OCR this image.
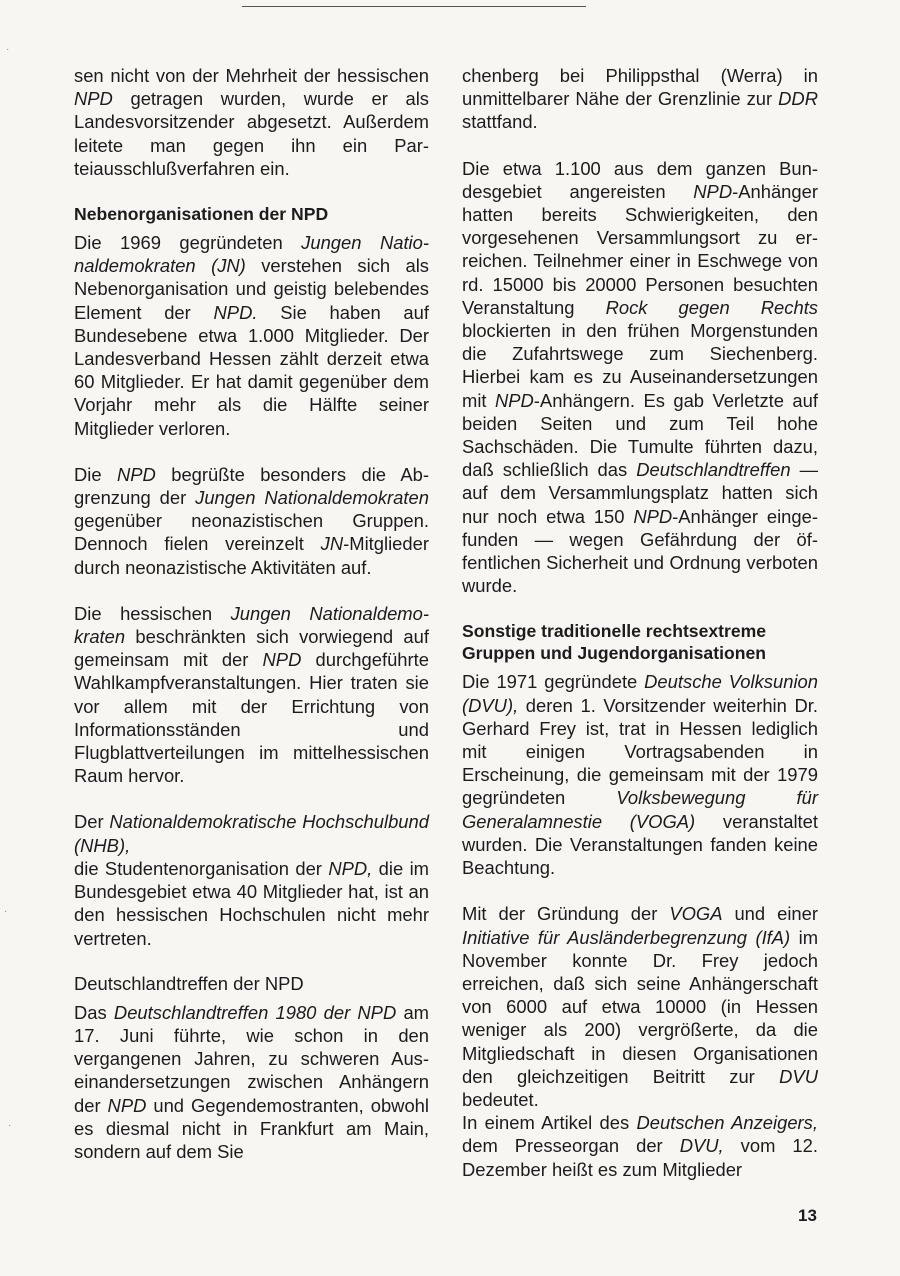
·
·
·

sen nicht von der Mehrheit der hessischen NPD getragen wurden, wurde er als Landesvorsitzender abgesetzt. Außerdem leitete man gegen ihn ein Parteiausschlußverfahren ein.

Nebenorganisationen der NPD

Die 1969 gegründeten Jungen Nationaldemokraten (JN) verstehen sich als Nebenorganisation und geistig belebendes Element der NPD. Sie haben auf Bundesebene etwa 1.000 Mitglieder. Der Landesverband Hessen zählt derzeit etwa 60 Mitglieder. Er hat damit gegenüber dem Vorjahr mehr als die Hälfte seiner Mitglieder verloren.

Die NPD begrüßte besonders die Abgrenzung der Jungen Nationaldemokraten gegenüber neonazistischen Gruppen. Dennoch fielen vereinzelt JN-Mitglieder durch neonazistische Aktivitäten auf.

Die hessischen Jungen Nationaldemokraten beschränkten sich vorwiegend auf gemeinsam mit der NPD durchgeführte Wahlkampfveranstaltungen. Hier traten sie vor allem mit der Errichtung von Informationsständen und Flugblattverteilungen im mittelhessischen Raum hervor.

Der Nationaldemokratische Hochschulbund (NHB),
die Studentenorganisation der NPD, die im Bundesgebiet etwa 40 Mitglieder hat, ist an den hessischen Hochschulen nicht mehr vertreten.

Deutschlandtreffen der NPD

Das Deutschlandtreffen 1980 der NPD am 17. Juni führte, wie schon in den vergangenen Jahren, zu schweren Auseinandersetzungen zwischen Anhängern der NPD und Gegendemostranten, obwohl es diesmal nicht in Frankfurt am Main, sondern auf dem Sie

chenberg bei Philippsthal (Werra) in unmittelbarer Nähe der Grenzlinie zur DDR stattfand.

Die etwa 1.100 aus dem ganzen Bundesgebiet angereisten NPD-Anhänger hatten bereits Schwierigkeiten, den vorgesehenen Versammlungsort zu erreichen. Teilnehmer einer in Eschwege von rd. 15000 bis 20000 Personen besuchten Veranstaltung Rock gegen Rechts blockierten in den frühen Morgenstunden die Zufahrtswege zum Siechenberg. Hierbei kam es zu Auseinandersetzungen mit NPD-Anhängern. Es gab Verletzte auf beiden Seiten und zum Teil hohe Sachschäden. Die Tumulte führten dazu, daß schließlich das Deutschlandtreffen — auf dem Versammlungsplatz hatten sich nur noch etwa 150 NPD-Anhänger eingefunden — wegen Gefährdung der öffentlichen Sicherheit und Ordnung verboten wurde.

Sonstige traditionelle rechtsextreme Gruppen und Jugendorganisationen

Die 1971 gegründete Deutsche Volksunion (DVU), deren 1. Vorsitzender weiterhin Dr. Gerhard Frey ist, trat in Hessen lediglich mit einigen Vortragsabenden in Erscheinung, die gemeinsam mit der 1979 gegründeten Volksbewegung für Generalamnestie (VOGA) veranstaltet wurden. Die Veranstaltungen fanden keine Beachtung.

Mit der Gründung der VOGA und einer Initiative für Ausländerbegrenzung (IfA) im November konnte Dr. Frey jedoch erreichen, daß sich seine Anhängerschaft von 6000 auf etwa 10000 (in Hessen weniger als 200) vergrößerte, da die Mitgliedschaft in diesen Organisationen den gleichzeitigen Beitritt zur DVU bedeutet.

In einem Artikel des Deutschen Anzeigers, dem Presseorgan der DVU, vom 12. Dezember heißt es zum Mitglieder

13
